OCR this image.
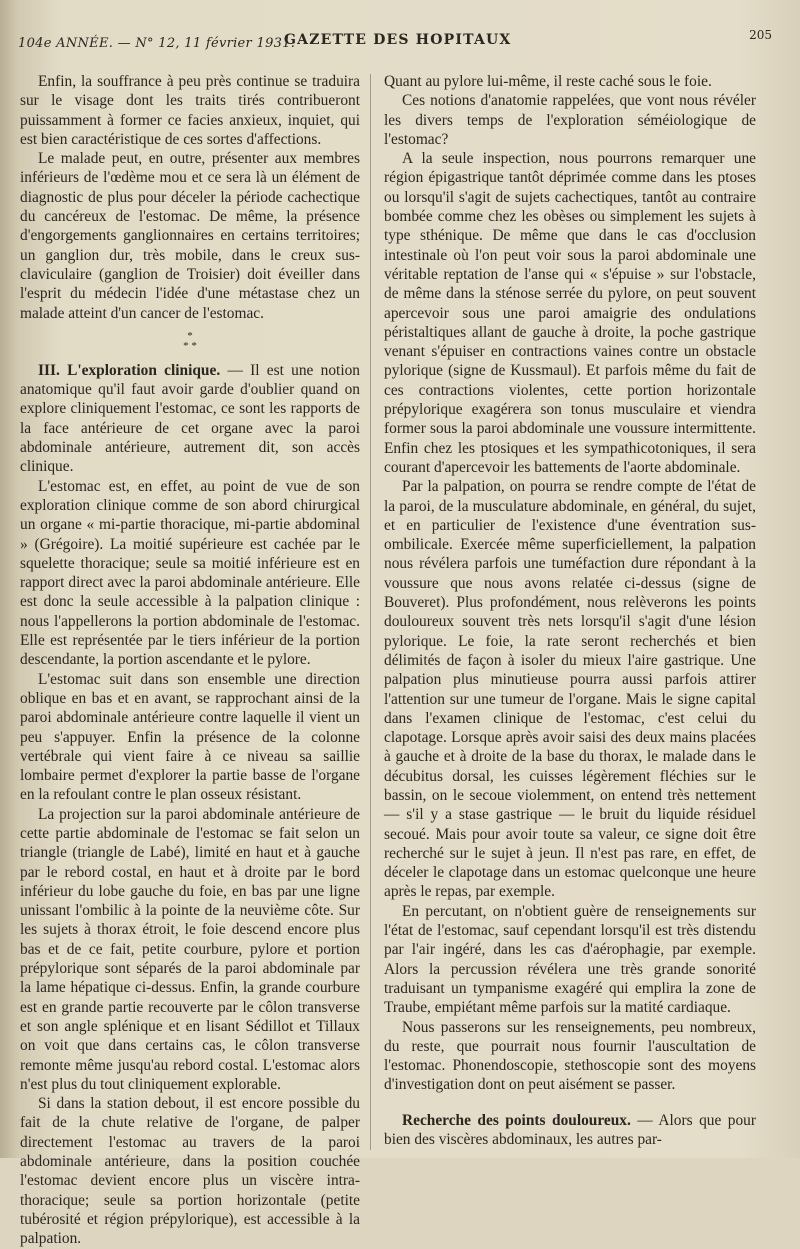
104e ANNÉE. — N° 12, 11 février 1931.
GAZETTE DES HOPITAUX	205

Enfin, la souffrance à peu près continue se traduira sur le visage dont les traits tirés contribueront puissamment à former ce facies anxieux, inquiet, qui est bien caractéristique de ces sortes d'affections.

Le malade peut, en outre, présenter aux membres inférieurs de l'œdème mou et ce sera là un élément de diagnostic de plus pour déceler la période cachectique du cancéreux de l'estomac. De même, la présence d'engorgements ganglionnaires en certains territoires; un ganglion dur, très mobile, dans le creux sus-claviculaire (ganglion de Troisier) doit éveiller dans l'esprit du médecin l'idée d'une métastase chez un malade atteint d'un cancer de l'estomac.

*
* *

III. L'exploration clinique. — Il est une notion anatomique qu'il faut avoir garde d'oublier quand on explore cliniquement l'estomac, ce sont les rapports de la face antérieure de cet organe avec la paroi abdominale antérieure, autrement dit, son accès clinique.

L'estomac est, en effet, au point de vue de son exploration clinique comme de son abord chirurgical un organe « mi-partie thoracique, mi-partie abdominal » (Grégoire). La moitié supérieure est cachée par le squelette thoracique; seule sa moitié inférieure est en rapport direct avec la paroi abdominale antérieure. Elle est donc la seule accessible à la palpation clinique : nous l'appellerons la portion abdominale de l'estomac. Elle est représentée par le tiers inférieur de la portion descendante, la portion ascendante et le pylore.

L'estomac suit dans son ensemble une direction oblique en bas et en avant, se rapprochant ainsi de la paroi abdominale antérieure contre laquelle il vient un peu s'appuyer. Enfin la présence de la colonne vertébrale qui vient faire à ce niveau sa saillie lombaire permet d'explorer la partie basse de l'organe en la refoulant contre le plan osseux résistant.

La projection sur la paroi abdominale antérieure de cette partie abdominale de l'estomac se fait selon un triangle (triangle de Labé), limité en haut et à gauche par le rebord costal, en haut et à droite par le bord inférieur du lobe gauche du foie, en bas par une ligne unissant l'ombilic à la pointe de la neuvième côte. Sur les sujets à thorax étroit, le foie descend encore plus bas et de ce fait, petite courbure, pylore et portion prépylorique sont séparés de la paroi abdominale par la lame hépatique ci-dessus. Enfin, la grande courbure est en grande partie recouverte par le côlon transverse et son angle splénique et en lisant Sédillot et Tillaux on voit que dans certains cas, le côlon transverse remonte même jusqu'au rebord costal. L'estomac alors n'est plus du tout cliniquement explorable.

Si dans la station debout, il est encore possible du fait de la chute relative de l'organe, de palper directement l'estomac au travers de la paroi abdominale antérieure, dans la position couchée l'estomac devient encore plus un viscère intra-thoracique; seule sa portion horizontale (petite tubérosité et région prépylorique), est accessible à la palpation.

Quant au pylore lui-même, il reste caché sous le foie.

Ces notions d'anatomie rappelées, que vont nous révéler les divers temps de l'exploration séméiologique de l'estomac?

A la seule inspection, nous pourrons remarquer une région épigastrique tantôt déprimée comme dans les ptoses ou lorsqu'il s'agit de sujets cachectiques, tantôt au contraire bombée comme chez les obèses ou simplement les sujets à type sthénique. De même que dans le cas d'occlusion intestinale où l'on peut voir sous la paroi abdominale une véritable reptation de l'anse qui « s'épuise » sur l'obstacle, de même dans la sténose serrée du pylore, on peut souvent apercevoir sous une paroi amaigrie des ondulations péristaltiques allant de gauche à droite, la poche gastrique venant s'épuiser en contractions vaines contre un obstacle pylorique (signe de Kussmaul). Et parfois même du fait de ces contractions violentes, cette portion horizontale prépylorique exagérera son tonus musculaire et viendra former sous la paroi abdominale une voussure intermittente. Enfin chez les ptosiques et les sympathicotoniques, il sera courant d'apercevoir les battements de l'aorte abdominale.

Par la palpation, on pourra se rendre compte de l'état de la paroi, de la musculature abdominale, en général, du sujet, et en particulier de l'existence d'une éventration sus-ombilicale. Exercée même superficiellement, la palpation nous révélera parfois une tuméfaction dure répondant à la voussure que nous avons relatée ci-dessus (signe de Bouveret). Plus profondément, nous relèverons les points douloureux souvent très nets lorsqu'il s'agit d'une lésion pylorique. Le foie, la rate seront recherchés et bien délimités de façon à isoler du mieux l'aire gastrique. Une palpation plus minutieuse pourra aussi parfois attirer l'attention sur une tumeur de l'organe. Mais le signe capital dans l'examen clinique de l'estomac, c'est celui du clapotage. Lorsque après avoir saisi des deux mains placées à gauche et à droite de la base du thorax, le malade dans le décubitus dorsal, les cuisses légèrement fléchies sur le bassin, on le secoue violemment, on entend très nettement — s'il y a stase gastrique — le bruit du liquide résiduel secoué. Mais pour avoir toute sa valeur, ce signe doit être recherché sur le sujet à jeun. Il n'est pas rare, en effet, de déceler le clapotage dans un estomac quelconque une heure après le repas, par exemple.

En percutant, on n'obtient guère de renseignements sur l'état de l'estomac, sauf cependant lorsqu'il est très distendu par l'air ingéré, dans les cas d'aérophagie, par exemple. Alors la percussion révélera une très grande sonorité traduisant un tympanisme exagéré qui emplira la zone de Traube, empiétant même parfois sur la matité cardiaque.

Nous passerons sur les renseignements, peu nombreux, du reste, que pourrait nous fournir l'auscultation de l'estomac. Phonendoscopie, stethoscopie sont des moyens d'investigation dont on peut aisément se passer.

Recherche des points douloureux. — Alors que pour bien des viscères abdominaux, les autres par-
